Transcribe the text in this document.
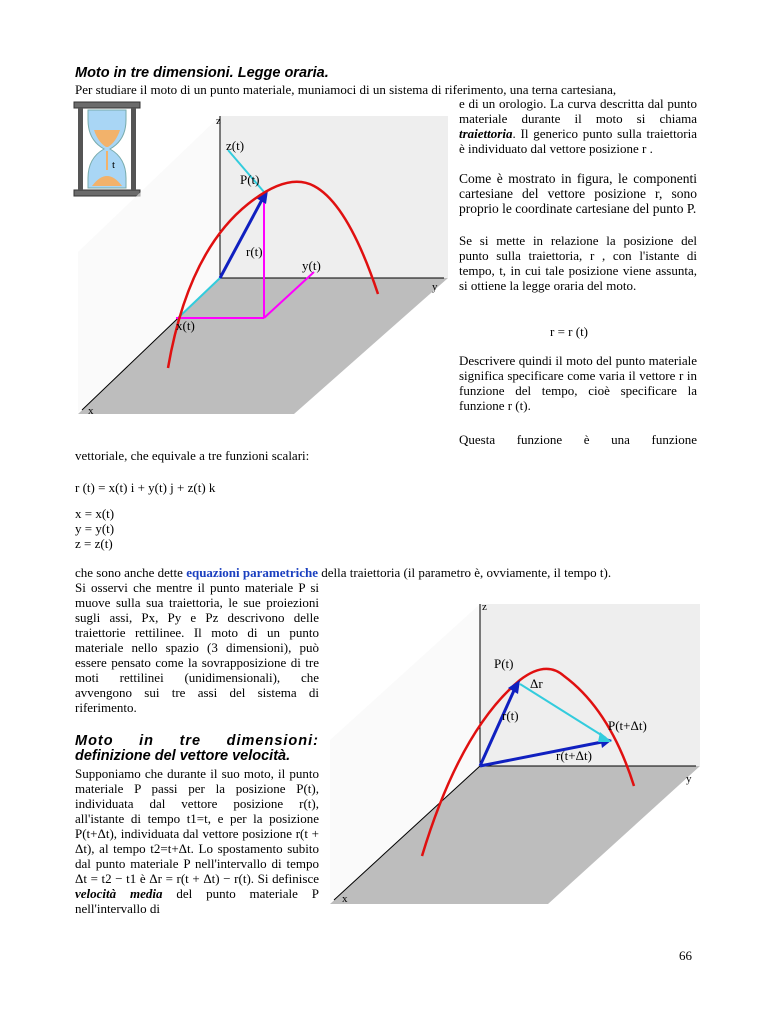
Moto in tre dimensioni. Legge oraria.
Per studiare il moto di un punto materiale, muniamoci di un sistema di riferimento, una terna cartesiana,
e di un orologio. La curva descritta dal punto materiale durante il moto si chiama traiettoria. Il generico punto sulla traiettoria è individuato dal vettore posizione r .
Come è mostrato in figura, le componenti cartesiane del vettore posizione r, sono proprio le coordinate cartesiane del punto P.
Se si mette in relazione la posizione del punto sulla traiettoria, r , con l'istante di tempo, t, in cui tale posizione viene assunta, si ottiene la legge oraria del moto.
r = r (t)
Descrivere quindi il moto del punto materiale significa specificare come varia il vettore r in funzione del tempo, cioè specificare la funzione r (t).
Questa funzione è una funzione
vettoriale, che equivale a tre funzioni scalari:
r (t) = x(t) i + y(t) j + z(t) k
x = x(t)
y = y(t)
z = z(t)
che sono anche dette equazioni parametriche della traiettoria (il parametro è, ovviamente, il tempo t).
Si osservi che mentre il punto materiale P si muove sulla sua traiettoria, le sue proiezioni sugli assi, Px, Py e Pz descrivono delle traiettorie rettilinee. Il moto di un punto materiale nello spazio (3 dimensioni), può essere pensato come la sovrapposizione di tre moti rettilinei (unidimensionali), che avvengono sui tre assi del sistema di riferimento.
Moto in tre dimensioni:
definizione del vettore velocità.
Supponiamo che durante il suo moto, il punto materiale P passi per la posizione P(t), individuata dal vettore posizione r(t), all'istante di tempo t1=t, e per la posizione P(t+Δt), individuata dal vettore posizione r(t + Δt), al tempo t2=t+Δt. Lo spostamento subito dal punto materiale P nell'intervallo di tempo Δt = t2 − t1 è Δr = r(t + Δt) − r(t). Si definisce velocità media del punto materiale P nell'intervallo di
66
t
z
y
x
z(t)
P(t)
r(t)
y(t)
x(t)
z
y
x
P(t)
Δr
r(t)
P(t+Δt)
r(t+Δt)
